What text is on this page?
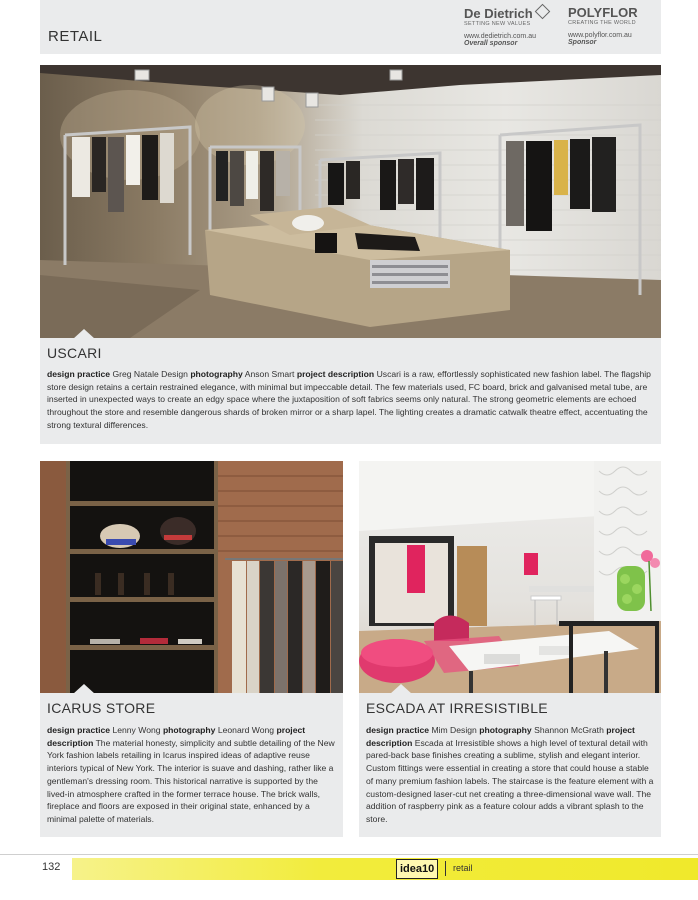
RETAIL
De Dietrich
SETTING NEW VALUES
www.dedietrich.com.au
Overall sponsor
POLYFLOR
CREATING THE WORLD
www.polyflor.com.au
Sponsor
USCARI
design practice Greg Natale Design photography Anson Smart project description Uscari is a raw, effortlessly sophisticated new fashion label. The flagship store design retains a certain restrained elegance, with minimal but impeccable detail. The few materials used, FC board, brick and galvanised metal tube, are inserted in unexpected ways to create an edgy space where the juxtaposition of soft fabrics seems only natural. The strong geometric elements are echoed throughout the store and resemble dangerous shards of broken mirror or a sharp lapel. The lighting creates a dramatic catwalk theatre effect, accentuating the strong textural differences.
ICARUS STORE
design practice Lenny Wong photography Leonard Wong project description The material honesty, simplicity and subtle detailing of the New York fashion labels retailing in Icarus inspired ideas of adaptive reuse interiors typical of New York. The interior is suave and dashing, rather like a gentleman's dressing room. This historical narrative is supported by the lived-in atmosphere crafted in the former terrace house. The brick walls, fireplace and floors are exposed in their original state, enhanced by a minimal palette of materials.
ESCADA AT IRRESISTIBLE
design practice Mim Design photography Shannon McGrath project description Escada at Irresistible shows a high level of textural detail with pared-back base finishes creating a sublime, stylish and elegant interior. Custom fittings were essential in creating a store that could house a stable of many premium fashion labels. The staircase is the feature element with a custom-designed laser-cut net creating a three-dimensional wave wall. The addition of raspberry pink as a feature colour adds a vibrant splash to the store.
132	idea10	retail
